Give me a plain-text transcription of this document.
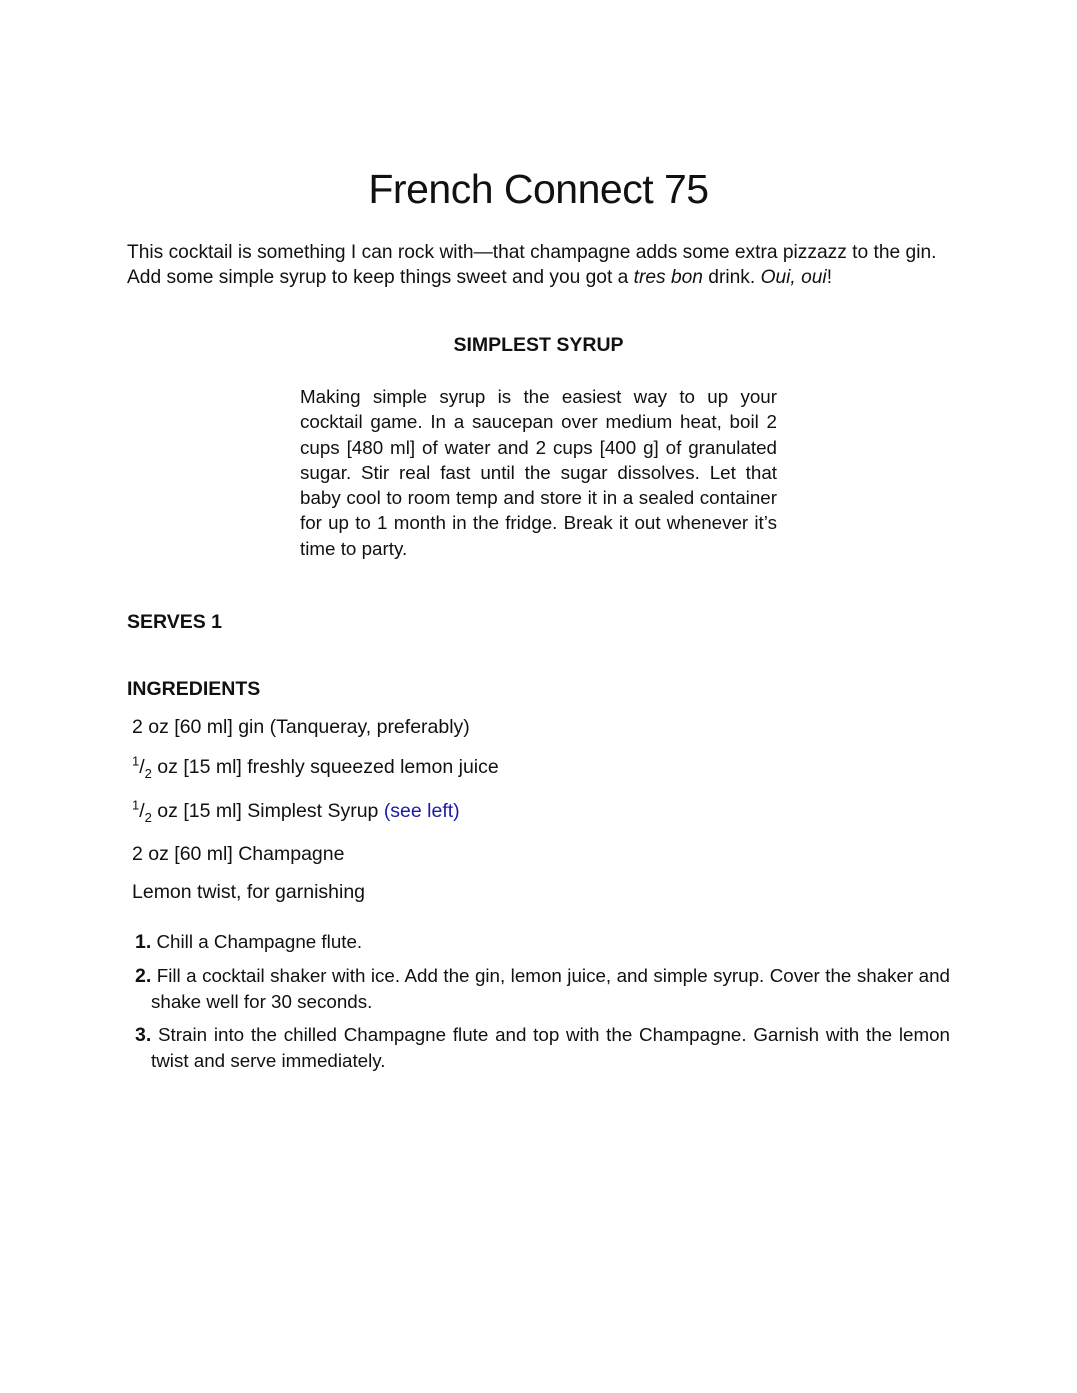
French Connect 75

This cocktail is something I can rock with—that champagne adds some extra pizzazz to the gin. Add some simple syrup to keep things sweet and you got a tres bon drink. Oui, oui!

SIMPLEST SYRUP

Making simple syrup is the easiest way to up your cocktail game. In a saucepan over medium heat, boil 2 cups [480 ml] of water and 2 cups [400 g] of granulated sugar. Stir real fast until the sugar dissolves. Let that baby cool to room temp and store it in a sealed container for up to 1 month in the fridge. Break it out whenever it’s time to party.

SERVES 1
INGREDIENTS

2 oz [60 ml] gin (Tanqueray, preferably)

$^1/_2$ oz [15 ml] freshly squeezed lemon juice

$^1/_2$ oz [15 ml] Simplest Syrup (see left)

2 oz [60 ml] Champagne

Lemon twist, for garnishing

1. Chill a Champagne flute.
2. Fill a cocktail shaker with ice. Add the gin, lemon juice, and simple syrup. Cover the shaker and shake well for 30 seconds.
3. Strain into the chilled Champagne flute and top with the Champagne. Garnish with the lemon twist and serve immediately.
